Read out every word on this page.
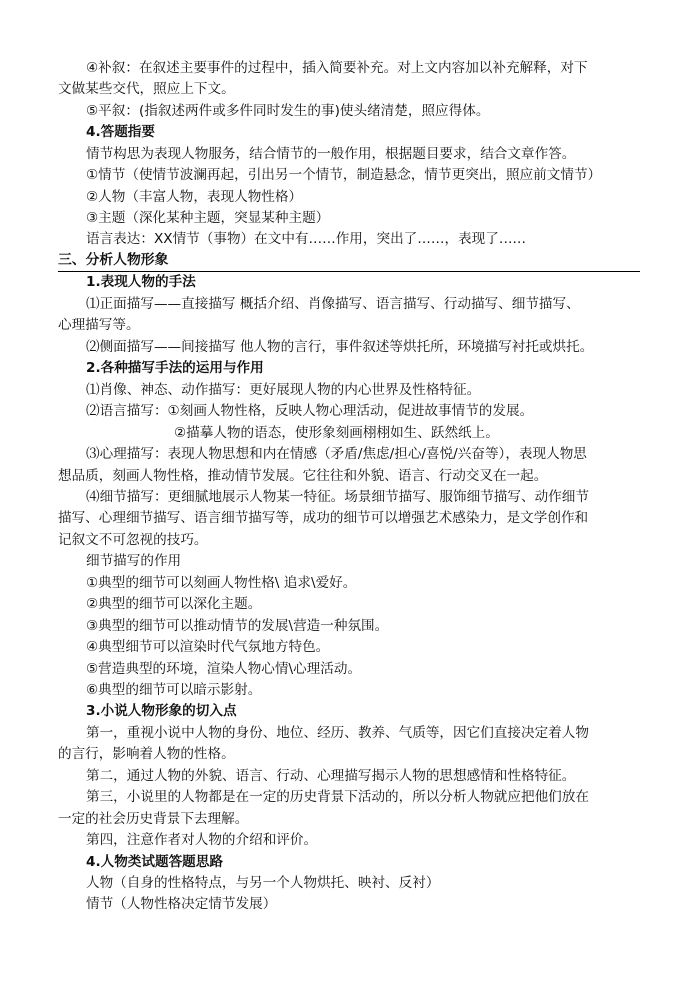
④补叙：在叙述主要事件的过程中，插入简要补充。对上文内容加以补充解释，对下
文做某些交代，照应上下文。
⑤平叙：(指叙述两件或多件同时发生的事)使头绪清楚，照应得体。
4.答题指要
情节构思为表现人物服务，结合情节的一般作用，根据题目要求，结合文章作答。
①情节（使情节波澜再起，引出另一个情节，制造悬念，情节更突出，照应前文情节）
②人物（丰富人物，表现人物性格）
③主题（深化某种主题，突显某种主题）
语言表达：XX情节（事物）在文中有……作用，突出了……，表现了……
三、分析人物形象
1.表现人物的手法
⑴正面描写——直接描写 概括介绍、肖像描写、语言描写、行动描写、细节描写、
心理描写等。
⑵侧面描写——间接描写 他人物的言行，事件叙述等烘托所，环境描写衬托或烘托。
2.各种描写手法的运用与作用
⑴肖像、神态、动作描写：更好展现人物的内心世界及性格特征。
⑵语言描写：①刻画人物性格，反映人物心理活动，促进故事情节的发展。
②描摹人物的语态，使形象刻画栩栩如生、跃然纸上。
⑶心理描写：表现人物思想和内在情感（矛盾/焦虑/担心/喜悦/兴奋等），表现人物思
想品质，刻画人物性格，推动情节发展。它往往和外貌、语言、行动交叉在一起。
⑷细节描写：更细腻地展示人物某一特征。场景细节描写、服饰细节描写、动作细节
描写、心理细节描写、语言细节描写等，成功的细节可以增强艺术感染力，是文学创作和
记叙文不可忽视的技巧。
细节描写的作用
①典型的细节可以刻画人物性格\ 追求\爱好。
②典型的细节可以深化主题。
③典型的细节可以推动情节的发展\营造一种氛围。
④典型细节可以渲染时代气氛地方特色。
⑤营造典型的环境，渲染人物心情\心理活动。
⑥典型的细节可以暗示影射。
3.小说人物形象的切入点
第一，重视小说中人物的身份、地位、经历、教养、气质等，因它们直接决定着人物
的言行，影响着人物的性格。
第二，通过人物的外貌、语言、行动、心理描写揭示人物的思想感情和性格特征。
第三，小说里的人物都是在一定的历史背景下活动的，所以分析人物就应把他们放在
一定的社会历史背景下去理解。
第四，注意作者对人物的介绍和评价。
4.人物类试题答题思路
人物（自身的性格特点，与另一个人物烘托、映衬、反衬）
情节（人物性格决定情节发展）
